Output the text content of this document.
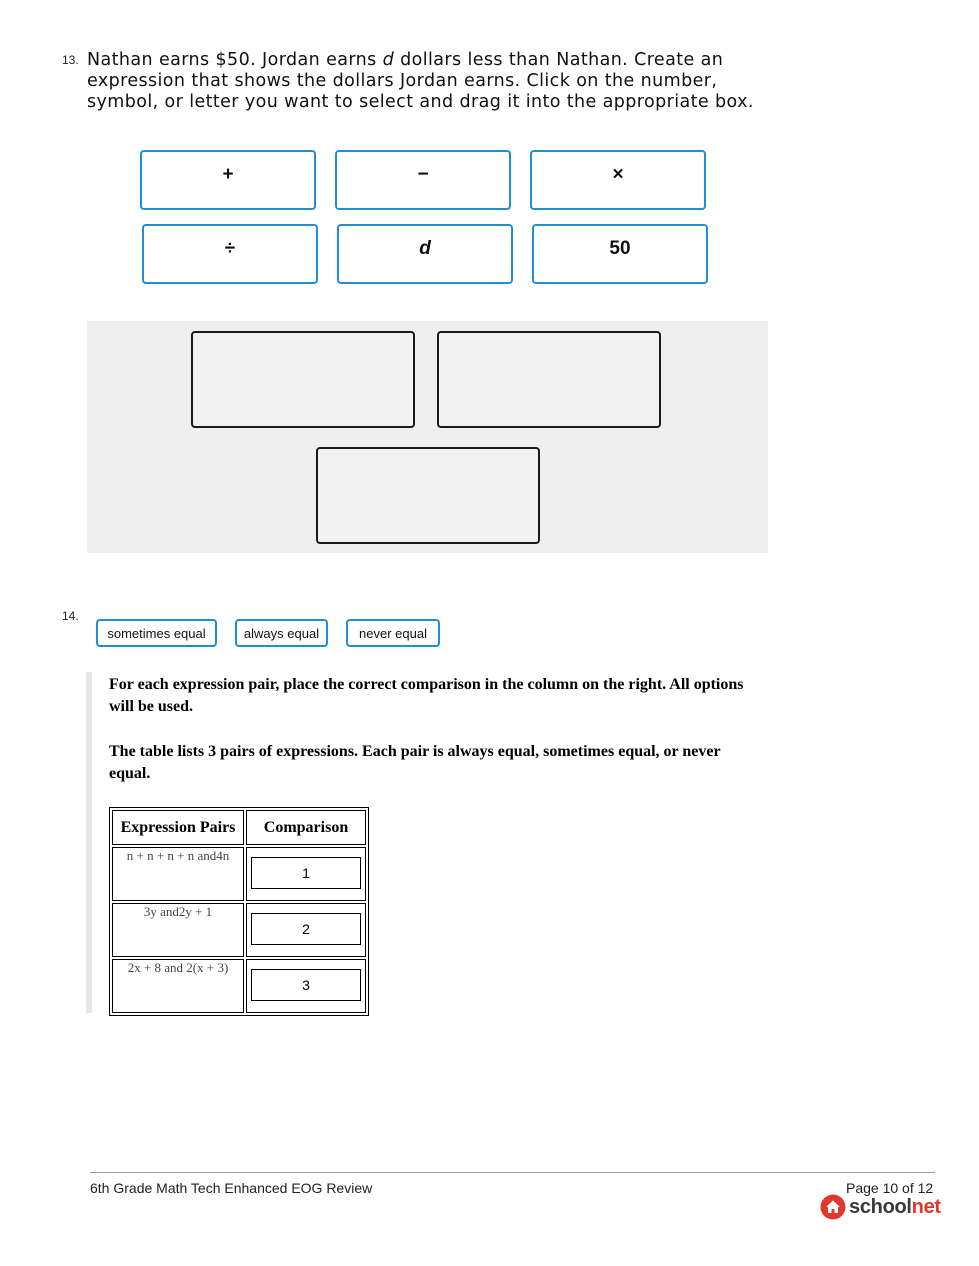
13. Nathan earns $50. Jordan earns d dollars less than Nathan. Create an
expression that shows the dollars Jordan earns. Click on the number,
symbol, or letter you want to select and drag it into the appropriate box.
+	−	×
÷	d	50
14.
sometimes equal	always equal	never equal
For each expression pair, place the correct comparison in the column on the right. All options will be used.
The table lists 3 pairs of expressions. Each pair is always equal, sometimes equal, or never equal.
Expression Pairs	Comparison
n + n + n + n and4n	1

3y and2y + 1	2

2x + 8 and 2(x + 3)	3
6th Grade Math Tech Enhanced EOG Review	Page 10 of 12
schoolnet
